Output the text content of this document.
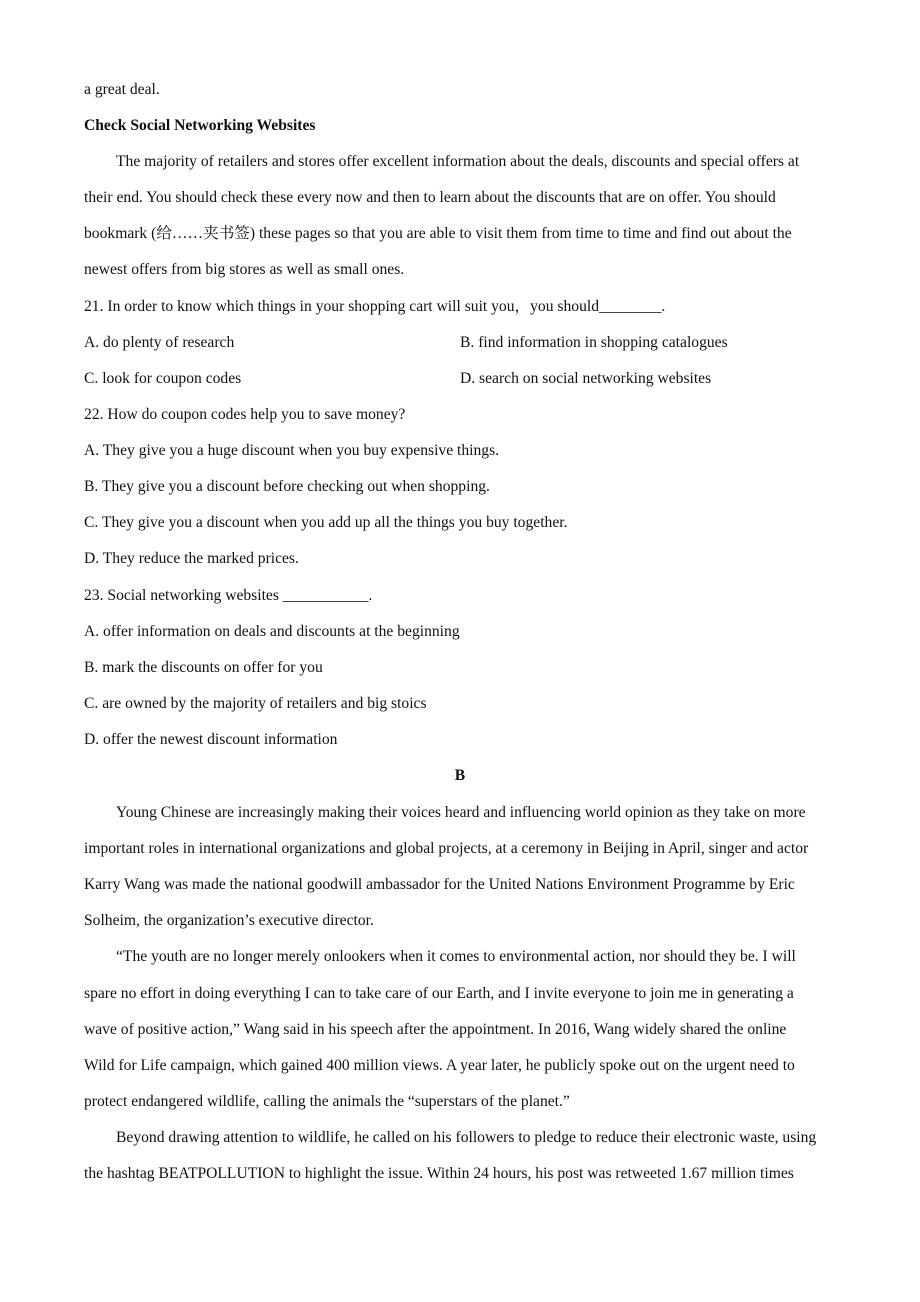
a great deal.
Check Social Networking Websites
The majority of retailers and stores offer excellent information about the deals, discounts and special offers at
their end. You should check these every now and then to learn about the discounts that are on offer. You should
bookmark (给……夹书签) these pages so that you are able to visit them from time to time and find out about the
newest offers from big stores as well as small ones.
21. In order to know which things in your shopping cart will suit you，you should________.
A. do plenty of research	B. find information in shopping catalogues
C. look for coupon codes	D. search on social networking websites
22. How do coupon codes help you to save money?
A. They give you a huge discount when you buy expensive things.
B. They give you a discount before checking out when shopping.
C. They give you a discount when you add up all the things you buy together.
D. They reduce the marked prices.
23. Social networking websites ___________.
A. offer information on deals and discounts at the beginning
B. mark the discounts on offer for you
C. are owned by the majority of retailers and big stoics
D. offer the newest discount information
B
Young Chinese are increasingly making their voices heard and influencing world opinion as they take on more
important roles in international organizations and global projects, at a ceremony in Beijing in April, singer and actor
Karry Wang was made the national goodwill ambassador for the United Nations Environment Programme by Eric
Solheim, the organization’s executive director.
“The youth are no longer merely onlookers when it comes to environmental action, nor should they be. I will
spare no effort in doing everything I can to take care of our Earth, and I invite everyone to join me in generating a
wave of positive action,” Wang said in his speech after the appointment. In 2016, Wang widely shared the online
Wild for Life campaign, which gained 400 million views. A year later, he publicly spoke out on the urgent need to
protect endangered wildlife, calling the animals the “superstars of the planet.”
Beyond drawing attention to wildlife, he called on his followers to pledge to reduce their electronic waste, using
the hashtag BEATPOLLUTION to highlight the issue. Within 24 hours, his post was retweeted 1.67 million times
